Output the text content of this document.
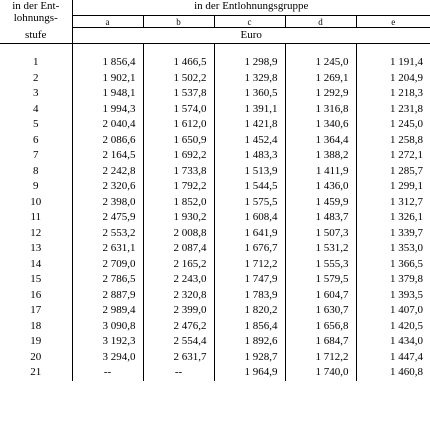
in der Ent-
lohnungs-
stufe	in der Entlohnungsgruppe				
	a	b	c	d	e
	Euro				

1	1 856,4	1 466,5	1 298,9	1 245,0	1 191,4
2	1 902,1	1 502,2	1 329,8	1 269,1	1 204,9
3	1 948,1	1 537,8	1 360,5	1 292,9	1 218,3
4	1 994,3	1 574,0	1 391,1	1 316,8	1 231,8
5	2 040,4	1 612,0	1 421,8	1 340,6	1 245,0
6	2 086,6	1 650,9	1 452,4	1 364,4	1 258,8
7	2 164,5	1 692,2	1 483,3	1 388,2	1 272,1
8	2 242,8	1 733,8	1 513,9	1 411,9	1 285,7
9	2 320,6	1 792,2	1 544,5	1 436,0	1 299,1
10	2 398,0	1 852,0	1 575,5	1 459,9	1 312,7
11	2 475,9	1 930,2	1 608,4	1 483,7	1 326,1
12	2 553,2	2 008,8	1 641,9	1 507,3	1 339,7
13	2 631,1	2 087,4	1 676,7	1 531,2	1 353,0
14	2 709,0	2 165,2	1 712,2	1 555,3	1 366,5
15	2 786,5	2 243,0	1 747,9	1 579,5	1 379,8
16	2 887,9	2 320,8	1 783,9	1 604,7	1 393,5
17	2 989,4	2 399,0	1 820,2	1 630,7	1 407,0
18	3 090,8	2 476,2	1 856,4	1 656,8	1 420,5
19	3 192,3	2 554,4	1 892,6	1 684,7	1 434,0
20	3 294,0	2 631,7	1 928,7	1 712,2	1 447,4
21	--	--	1 964,9	1 740,0	1 460,8
